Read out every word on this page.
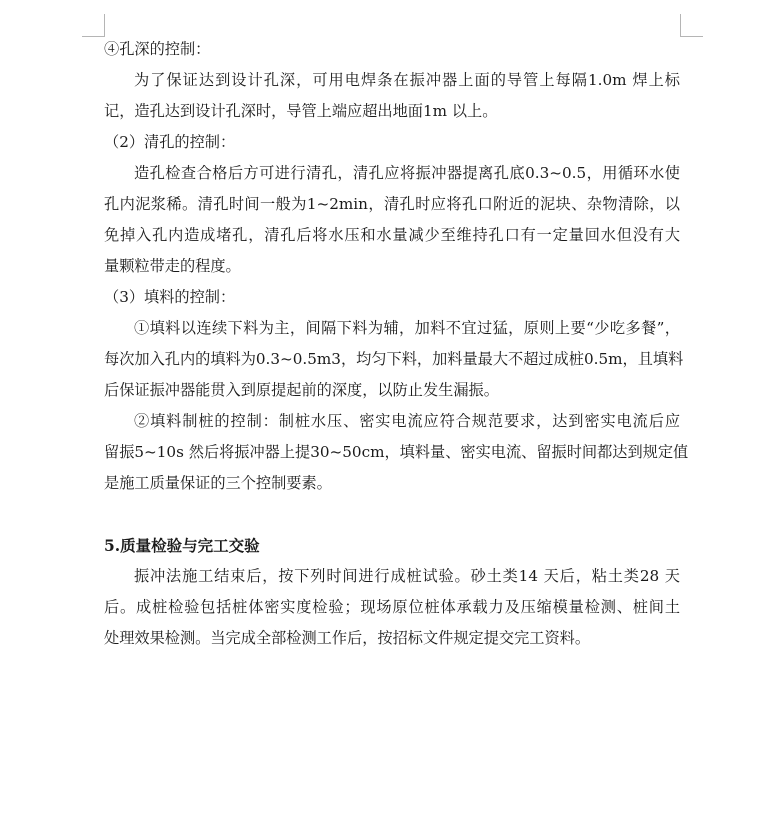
④孔深的控制：
为了保证达到设计孔深，可用电焊条在振冲器上面的导管上每隔1.0m 焊上标
记，造孔达到设计孔深时，导管上端应超出地面1m 以上。
（2）清孔的控制：
造孔检查合格后方可进行清孔，清孔应将振冲器提离孔底0.3~0.5，用循环水使
孔内泥浆稀。清孔时间一般为1~2min，清孔时应将孔口附近的泥块、杂物清除，以
免掉入孔内造成堵孔，清孔后将水压和水量减少至维持孔口有一定量回水但没有大
量颗粒带走的程度。
（3）填料的控制：
①填料以连续下料为主，间隔下料为辅，加料不宜过猛，原则上要“少吃多餐”，
每次加入孔内的填料为0.3~0.5m3，均匀下料，加料量最大不超过成桩0.5m，且填料
后保证振冲器能贯入到原提起前的深度，以防止发生漏振。
②填料制桩的控制：制桩水压、密实电流应符合规范要求，达到密实电流后应
留振5~10s 然后将振冲器上提30~50cm，填料量、密实电流、留振时间都达到规定值
是施工质量保证的三个控制要素。
5.质量检验与完工交验
振冲法施工结束后，按下列时间进行成桩试验。砂土类14 天后，粘土类28 天
后。成桩检验包括桩体密实度检验；现场原位桩体承载力及压缩模量检测、桩间土
处理效果检测。当完成全部检测工作后，按招标文件规定提交完工资料。
